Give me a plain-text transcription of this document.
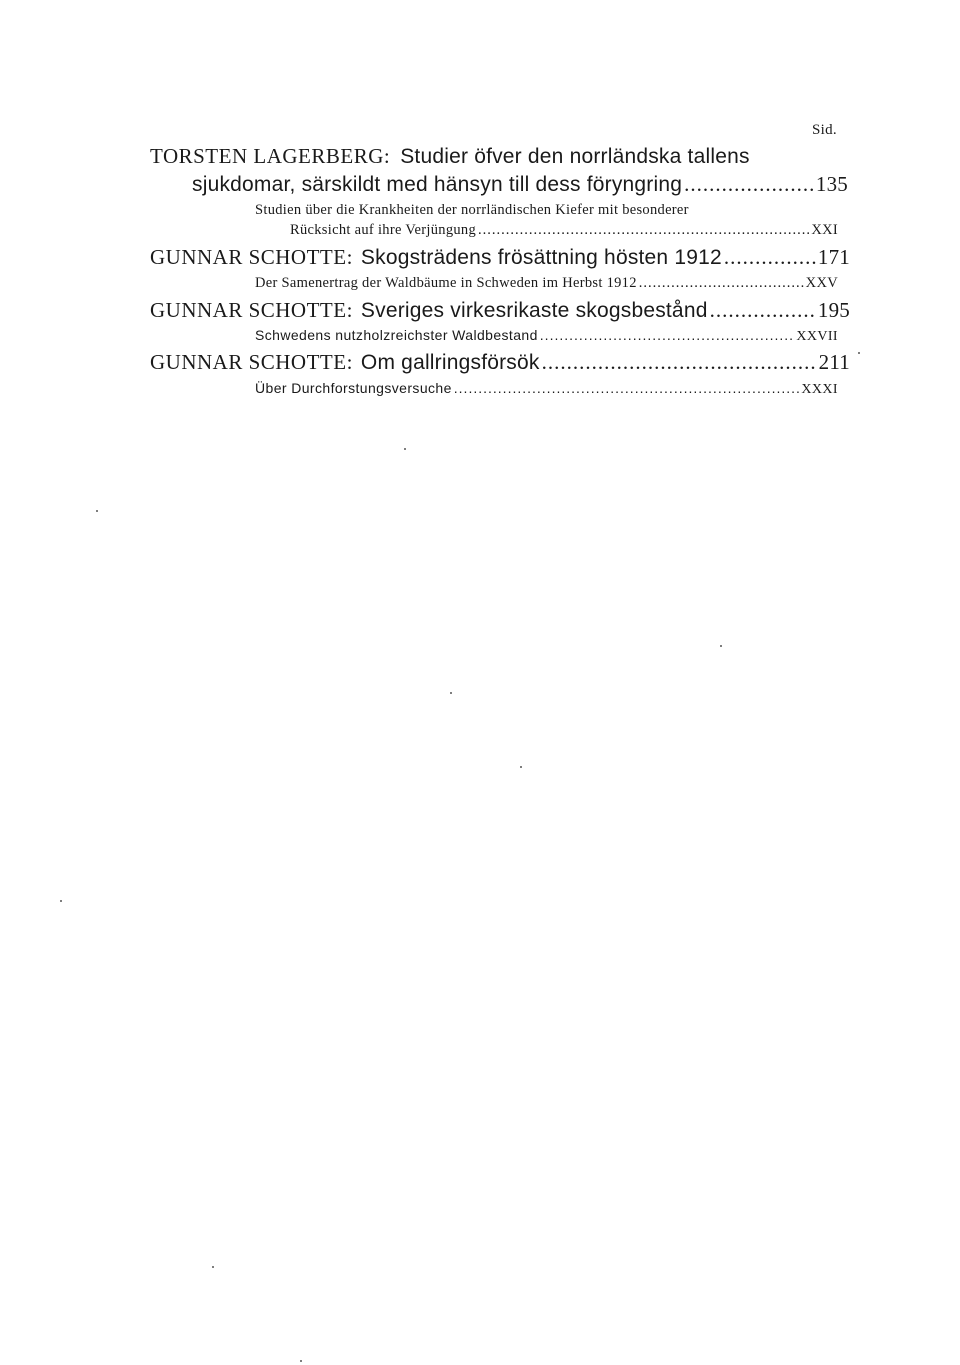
Sid.
TORSTEN LAGERBERG: Studier öfver den norrländska tallens
sjukdomar, särskildt med hänsyn till dess föryngring .....	135
Studien über die Krankheiten der norrländischen Kiefer mit besonderer
Rücksicht auf ihre Verjüngung .....	XXI
GUNNAR SCHOTTE: Skogsträdens frösättning hösten 1912 .....	171
Der Samenertrag der Waldbäume in Schweden im Herbst 1912 .....	XXV
GUNNAR SCHOTTE: Sveriges virkesrikaste skogsbestånd .....	195
Schwedens nutzholzreichster Waldbestand .....	XXVII
GUNNAR SCHOTTE: Om gallringsförsök .....	211
Über Durchforstungsversuche .....	XXXI
